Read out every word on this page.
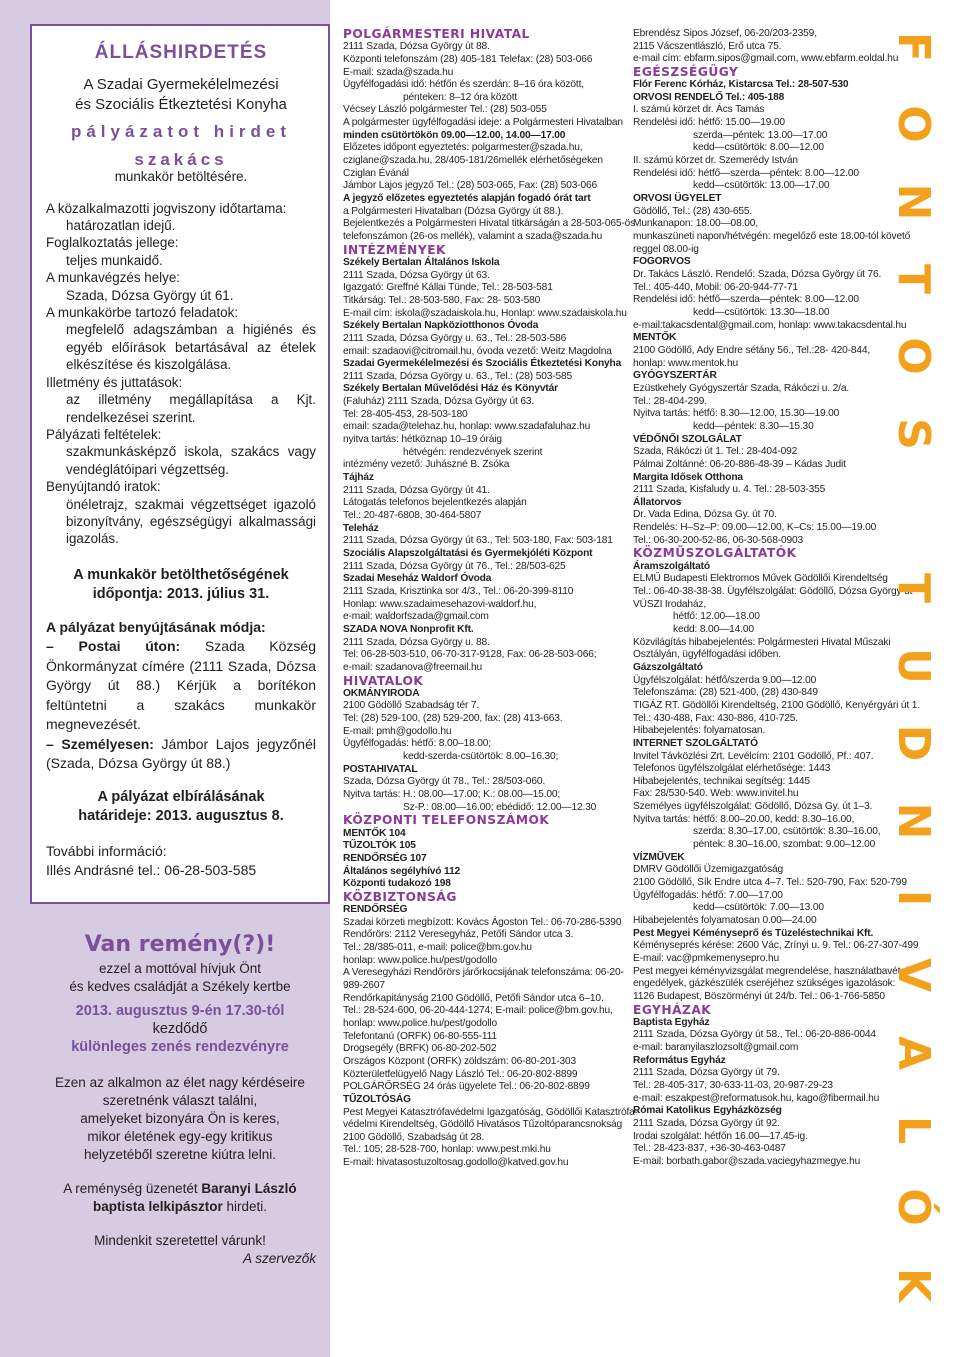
ÁLLÁSHIRDETÉS
A Szadai Gyermekélelmezési
és Szociális Étkeztetési Konyha
pályázatot hirdet
szakács
munkakör betöltésére.
A közalkalmazotti jogviszony időtartama:
határozatlan idejű.
Foglalkoztatás jellege:
teljes munkaidő.
A munkavégzés helye:
Szada, Dózsa György út 61.
A munkakörbe tartozó feladatok:
megfelelő adagszámban a higiénés és egyéb előírások betartásával az ételek elkészítése és kiszolgálása.
Illetmény és juttatások:
az illetmény megállapítása a Kjt. rendelkezései szerint.
Pályázati feltételek:
szakmunkásképző iskola, szakács vagy vendéglátóipari végzettség.
Benyújtandó iratok:
önéletrajz, szakmai végzettséget igazoló bizonyítvány, egészségügyi alkalmassági igazolás.
A munkakör betölthetőségének
időpontja: 2013. július 31.
A pályázat benyújtásának módja:
– Postai úton: Szada Község Önkormányzat címére (2111 Szada, Dózsa György út 88.) Kérjük a borítékon feltüntetni a szakács munkakör megnevezését.
– Személyesen: Jámbor Lajos jegyzőnél (Szada, Dózsa György út 88.)
A pályázat elbírálásának
határideje: 2013. augusztus 8.
További információ:
Illés Andrásné tel.: 06-28-503-585
Van remény(?)!
ezzel a mottóval hívjuk Önt
és kedves családját a Székely kertbe
2013. augusztus 9-én 17.30-tól
kezdődő
különleges zenés rendezvényre
Ezen az alkalmon az élet nagy kérdéseire
szeretnénk választ találni,
amelyeket bizonyára Ön is keres,
mikor életének egy-egy kritikus
helyzetéből szeretne kiútra lelni.
A reménység üzenetét Baranyi László
baptista lelkipásztor hirdeti.
Mindenkit szeretettel várunk!
A szervezők

POLGÁRMESTERI HIVATAL

2111 Szada, Dózsa György út 88.

Központi telefonszám (28) 405-181 Telefax: (28) 503-066

E-mail: szada@szada.hu

Ügyfélfogadási idő: hétfőn és szerdán: 8–16 óra között,

pénteken: 8–12 óra között

Vécsey László polgármester Tel.: (28) 503-055

A polgármester ügyfélfogadási ideje: a Polgármesteri Hivatalban

minden csütörtökön 09.00—12.00, 14.00—17.00

Előzetes időpont egyeztetés: polgarmester@szada.hu,

cziglane@szada.hu, 28/405-181/26mellék elérhetőségeken

Cziglan Évánál

Jámbor Lajos jegyző Tel.: (28) 503-065, Fax: (28) 503-066

A jegyző előzetes egyeztetés alapján fogadó órát tart

a Polgármesteri Hivatalban (Dózsa György út 88.).

Bejelentkezés a Polgármesteri Hivatal titkárságán a 28-503-065-ös

telefonszámon (26-os mellék), valamint a szada@szada.hu

INTÉZMÉNYEK

Székely Bertalan Általános Iskola

2111 Szada, Dózsa György út 63.

Igazgató: Greffné Kállai Tünde, Tel.: 28-503-581

Titkárság: Tel.: 28-503-580, Fax: 28- 503-580

E-mail cím: iskola@szadaiskola.hu, Honlap: www.szadaiskola.hu

Székely Bertalan Napköziotthonos Óvoda

2111 Szada, Dózsa György u. 63., Tel.: 28-503-586

email: szadaovi@citromail.hu, óvoda vezető: Weitz Magdolna

Szadai Gyermekélelmezési és Szociális Étkeztetési Konyha

2111 Szada, Dózsa György u. 63., Tel.: (28) 503-585

Székely Bertalan Művelődési Ház és Könyvtár

(Faluház) 2111 Szada, Dózsa György út 63.

Tel: 28-405-453, 28-503-180

email: szada@telehaz.hu, honlap: www.szadafaluhaz.hu

nyitva tartás: hétköznap 10–19 óráig

hétvégén: rendezvények szerint

intézmény vezető: Juhászné B. Zsóka

Tájház

2111 Szada, Dózsa György út 41.

Látogatás telefonos bejelentkezés alapján

Tel.: 20-487-6808, 30-464-5807

Teleház

2111 Szada, Dózsa György út 63., Tel: 503-180, Fax: 503-181

Szociális Alapszolgáltatási és Gyermekjóléti Központ

2111 Szada, Dózsa György út 76., Tel.: 28/503-625

Szadai Meseház Waldorf Óvoda

2111 Szada, Krisztinka sor 4/3., Tel.: 06-20-399-8110

Honlap: www.szadaimesehazovi-waldorf.hu,

e-mail: waldorfszada@gmail.com

SZADA NOVA Nonprofit Kft.

2111 Szada, Dózsa György u. 88.

Tel: 06-28-503-510, 06-70-317-9128, Fax: 06-28-503-066;

e-mail: szadanova@freemail.hu

HIVATALOK

OKMÁNYIRODA

2100 Gödöllő Szabadság tér 7.

Tel: (28) 529-100, (28) 529-200, fax: (28) 413-663.

E-mail: pmh@godollo.hu

Ügyfélfogadás: hétfő: 8.00–18.00;

kedd-szerda-csütörtök: 8.00–16.30;

POSTAHIVATAL

Szada, Dózsa György út 78., Tel.: 28/503-060.

Nyitva tartás: H.: 08.00—17.00; K.: 08.00—15.00;

Sz-P.: 08.00—16.00; ebédidő: 12.00—12.30

KÖZPONTI TELEFONSZÁMOK

MENTŐK 104

TŰZOLTÓK 105

RENDŐRSÉG 107

Általános segélyhívó 112

Központi tudakozó 198

KÖZBIZTONSÁG

RENDŐRSÉG

Szadai körzeti megbízott: Kovács Ágoston Tel.: 06-70-286-5390

Rendőrörs: 2112 Veresegyház, Petőfi Sándor utca 3.

Tel.: 28/385-011, e-mail: police@bm.gov.hu

honlap: www.police.hu/pest/godollo

A Veresegyházi Rendőrörs járőrkocsijának telefonszáma: 06-20-

989-2607

Rendőrkapitányság 2100 Gödöllő, Petőfi Sándor utca 6–10.

Tel.: 28-524-600, 06-20-444-1274; E-mail: police@bm.gov.hu,

honlap: www.police.hu/pest/godollo

Telefontanú (ORFK) 06-80-555-111

Drogsegély (BRFK) 06-80-202-502

Országos Központ (ORFK) zöldszám: 06-80-201-303

Közterületfelügyelő Nagy László Tel.: 06-20-802-8899

POLGÁRŐRSÉG 24 órás ügyelete Tel.: 06-20-802-8899

TŰZOLTÓSÁG

Pest Megyei Katasztrófavédelmi Igazgatóság, Gödöllői Katasztrófa-

védelmi Kirendeltség, Gödöllő Hivatásos Tűzoltóparancsnokság

2100 Gödöllő, Szabadság út 28.

Tel.: 105; 28-528-700, honlap: www.pest.mki.hu

E-mail: hivatasostuzoltosag.godollo@katved.gov.hu

Ebrendész Sipos József, 06-20/203-2359,

2115 Vácszentlászló, Erő utca 75.

e-mail cím: ebfarm.sipos@gmail.com, www.ebfarm.eoldal.hu

EGÉSZSÉGÜGY

Flór Ferenc Kórház, Kistarcsa Tel.: 28-507-530

ORVOSI RENDELŐ Tel.: 405-188

I. számú körzet dr. Ács Tamás

Rendelési idő: hétfő: 15.00—19.00

szerda—péntek: 13.00—17.00

kedd—csütörtök: 8.00—12.00

II. számú körzet dr. Szemerédy István

Rendelési idő: hétfő—szerda—péntek: 8.00—12.00

kedd—csütörtök: 13.00—17.00

ORVOSI ÜGYELET

Gödöllő, Tel.: (28) 430-655.

Munkanapon: 18.00—08.00,

munkaszüneti napon/hétvégén: megelőző este 18.00-tól követő

reggel 08.00-ig

FOGORVOS

Dr. Takács László. Rendelő: Szada, Dózsa György út 76.

Tel.: 405-440, Mobil: 06-20-944-77-71

Rendelési idő: hétfő—szerda—péntek: 8.00—12.00

kedd—csütörtök: 13.30—18.00

e-mail:takacsdental@gmail.com, honlap: www.takacsdental.hu

MENTŐK

2100 Gödöllő, Ady Endre sétány 56., Tel.:28- 420-844,

honlap: www.mentok.hu

GYÓGYSZERTÁR

Ezüstkehely Gyógyszertár Szada, Rákóczi u. 2/a.

Tel.: 28-404-299.

Nyitva tartás: hétfő: 8.30—12.00, 15.30—19.00

kedd—péntek: 8.30—15.30

VÉDŐNŐI SZOLGÁLAT

Szada, Rákóczi út 1. Tel.: 28-404-092

Pálmai Zoltánné: 06-20-886-48-39 – Kádas Judit

Margita Idősek Otthona

2111 Szada, Kisfaludy u. 4. Tel.: 28-503-355

Állatorvos

Dr. Vada Edina, Dózsa Gy. út 70.

Rendelés: H–Sz–P: 09.00—12.00, K–Cs: 15.00—19.00

Tel.: 06-30-200-52-86, 06-30-568-0903

KÖZMŰSZOLGÁLTATÓK

Áramszolgáltató

ELMŰ Budapesti Elektromos Művek Gödöllői Kirendeltség

Tel.: 06-40-38-38-38. Ügyfélszolgálat: Gödöllő, Dózsa György út

VÜSZI Irodaház,

hétfő: 12.00—18.00

kedd: 8.00—14.00

Közvilágítás hibabejelentés: Polgármesteri Hivatal Műszaki

Osztályán, ügyfélfogadási időben.

Gázszolgáltató

Ügyfélszolgálat: hétfő/szerda 9.00—12.00

Telefonszáma: (28) 521-400, (28) 430-849

TIGÁZ RT. Gödöllői Kirendeltség, 2100 Gödöllő, Kenyérgyári út 1.

Tel.: 430-488, Fax: 430-886, 410-725.

Hibabejelentés: folyamatosan.

INTERNET SZOLGÁLTATÓ

Invitel Távközlési Zrt. Levélcím: 2101 Gödöllő, Pf.: 407.

Telefonos ügyfélszolgálat elérhetősége: 1443

Hibabejelentés, technikai segítség: 1445

Fax: 28/530-540. Web: www.invitel.hu

Személyes ügyfélszolgálat: Gödöllő, Dózsa Gy. út 1–3.

Nyitva tartás: hétfő: 8.00–20.00, kedd: 8.30–16.00,

szerda: 8.30–17.00, csütörtök: 8.30–16.00,

péntek: 8.30–16.00, szombat: 9.00–12.00

VÍZMŰVEK

DMRV Gödöllői Üzemigazgatóság

2100 Gödöllő, Sík Endre utca 4–7. Tel.: 520-790, Fax: 520-799

Ügyfélfogadás: hétfő: 7.00—17.00

kedd—csütörtök: 7.00—13.00

Hibabejelentés folyamatosan 0.00—24.00

Pest Megyei Kéményseprő és Tüzeléstechnikai Kft.

Kéményseprés kérése: 2600 Vác, Zrínyi u. 9. Tel.: 06-27-307-499

E-mail: vac@pmkemenysepro.hu

Pest megyei kéményvizsgálat megrendelése, használatbavételi

engedélyek, gázkészülék cseréjéhez szükséges igazolások:

1126 Budapest, Böszörményi út 24/b. Tel.: 06-1-766-5850

EGYHÁZAK

Baptista Egyház

2111 Szada, Dózsa György út 58., Tel.: 06-20-886-0044

e-mail: baranyilaszlozsolt@gmail.com

Református Egyház

2111 Szada, Dózsa György út 79.

Tel.: 28-405-317, 30-633-11-03, 20-987-29-23

e-mail: eszakpest@reformatusok.hu, kago@fibermail.hu

Római Katolikus Egyházközség

2111 Szada, Dózsa György út 92.

Irodai szolgálat: hétfőn 16.00—17.45-ig.

Tel.: 28-423-837, +36-30-463-0487

E-mail: borbath.gabor@szada.vaciegyhazmegye.hu

F
O
N
T
O
S
T
U
D
N
I
V
A
L
Ó
K
